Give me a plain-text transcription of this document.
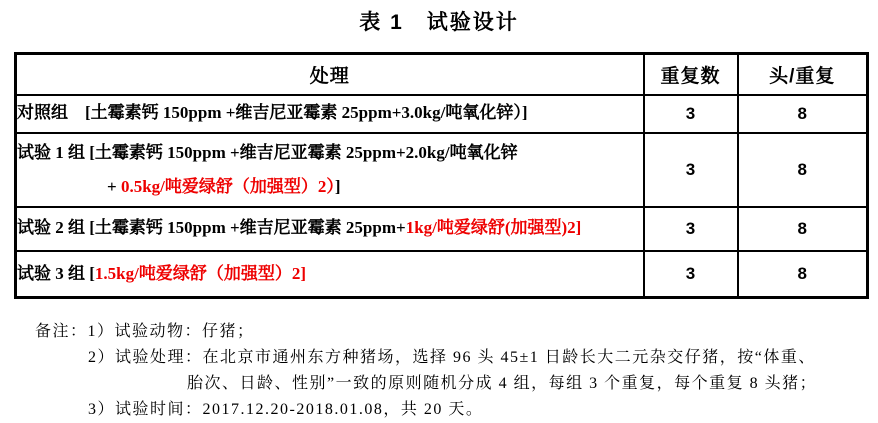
表 1　试验设计
处理	重复数	头/重复
对照组　[土霉素钙 150ppm +维吉尼亚霉素 25ppm+3.0kg/吨氧化锌）]	3	8

试验 1 组 [土霉素钙 150ppm +维吉尼亚霉素 25ppm+2.0kg/吨氧化锌
+ 0.5kg/吨爱绿舒（加强型）2）]	3	8
试验 2 组 [土霉素钙 150ppm +维吉尼亚霉素 25ppm+1kg/吨爱绿舒(加强型)2]	3	8
试验 3 组 [1.5kg/吨爱绿舒（加强型）2]	3	8
备注：1）试验动物：仔猪；
2）试验处理：在北京市通州东方种猪场，选择 96 头 45±1 日龄长大二元杂交仔猪，按“体重、
胎次、日龄、性别”一致的原则随机分成 4 组，每组 3 个重复，每个重复 8 头猪；
3）试验时间：2017.12.20-2018.01.08，共 20 天。
